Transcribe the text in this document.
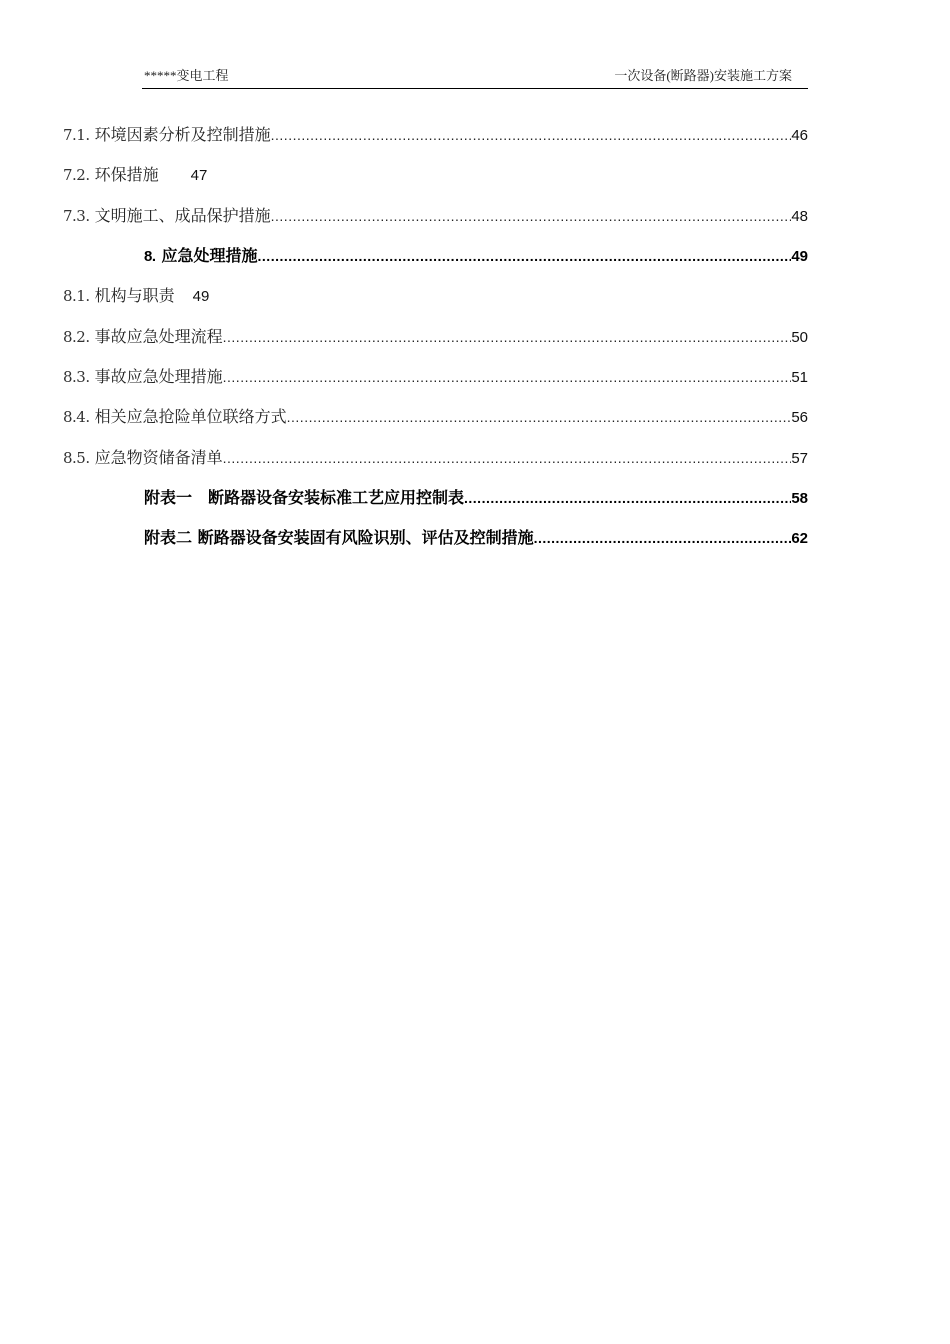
*****变电工程	一次设备(断路器)安装施工方案
7.1. 环境因素分析及控制措施 .....	46
7.2. 环保措施 47
7.3. 文明施工、成品保护措施 .....	48
8. 应急处理措施 .....	49
8.1. 机构与职责 49
8.2. 事故应急处理流程 .....	50
8.3. 事故应急处理措施 .....	51
8.4. 相关应急抢险单位联络方式 .....	56
8.5. 应急物资储备清单 .....	57
附表一　断路器设备安装标准工艺应用控制表 .....	58
附表二 断路器设备安装固有风险识别、评估及控制措施 .....	62
